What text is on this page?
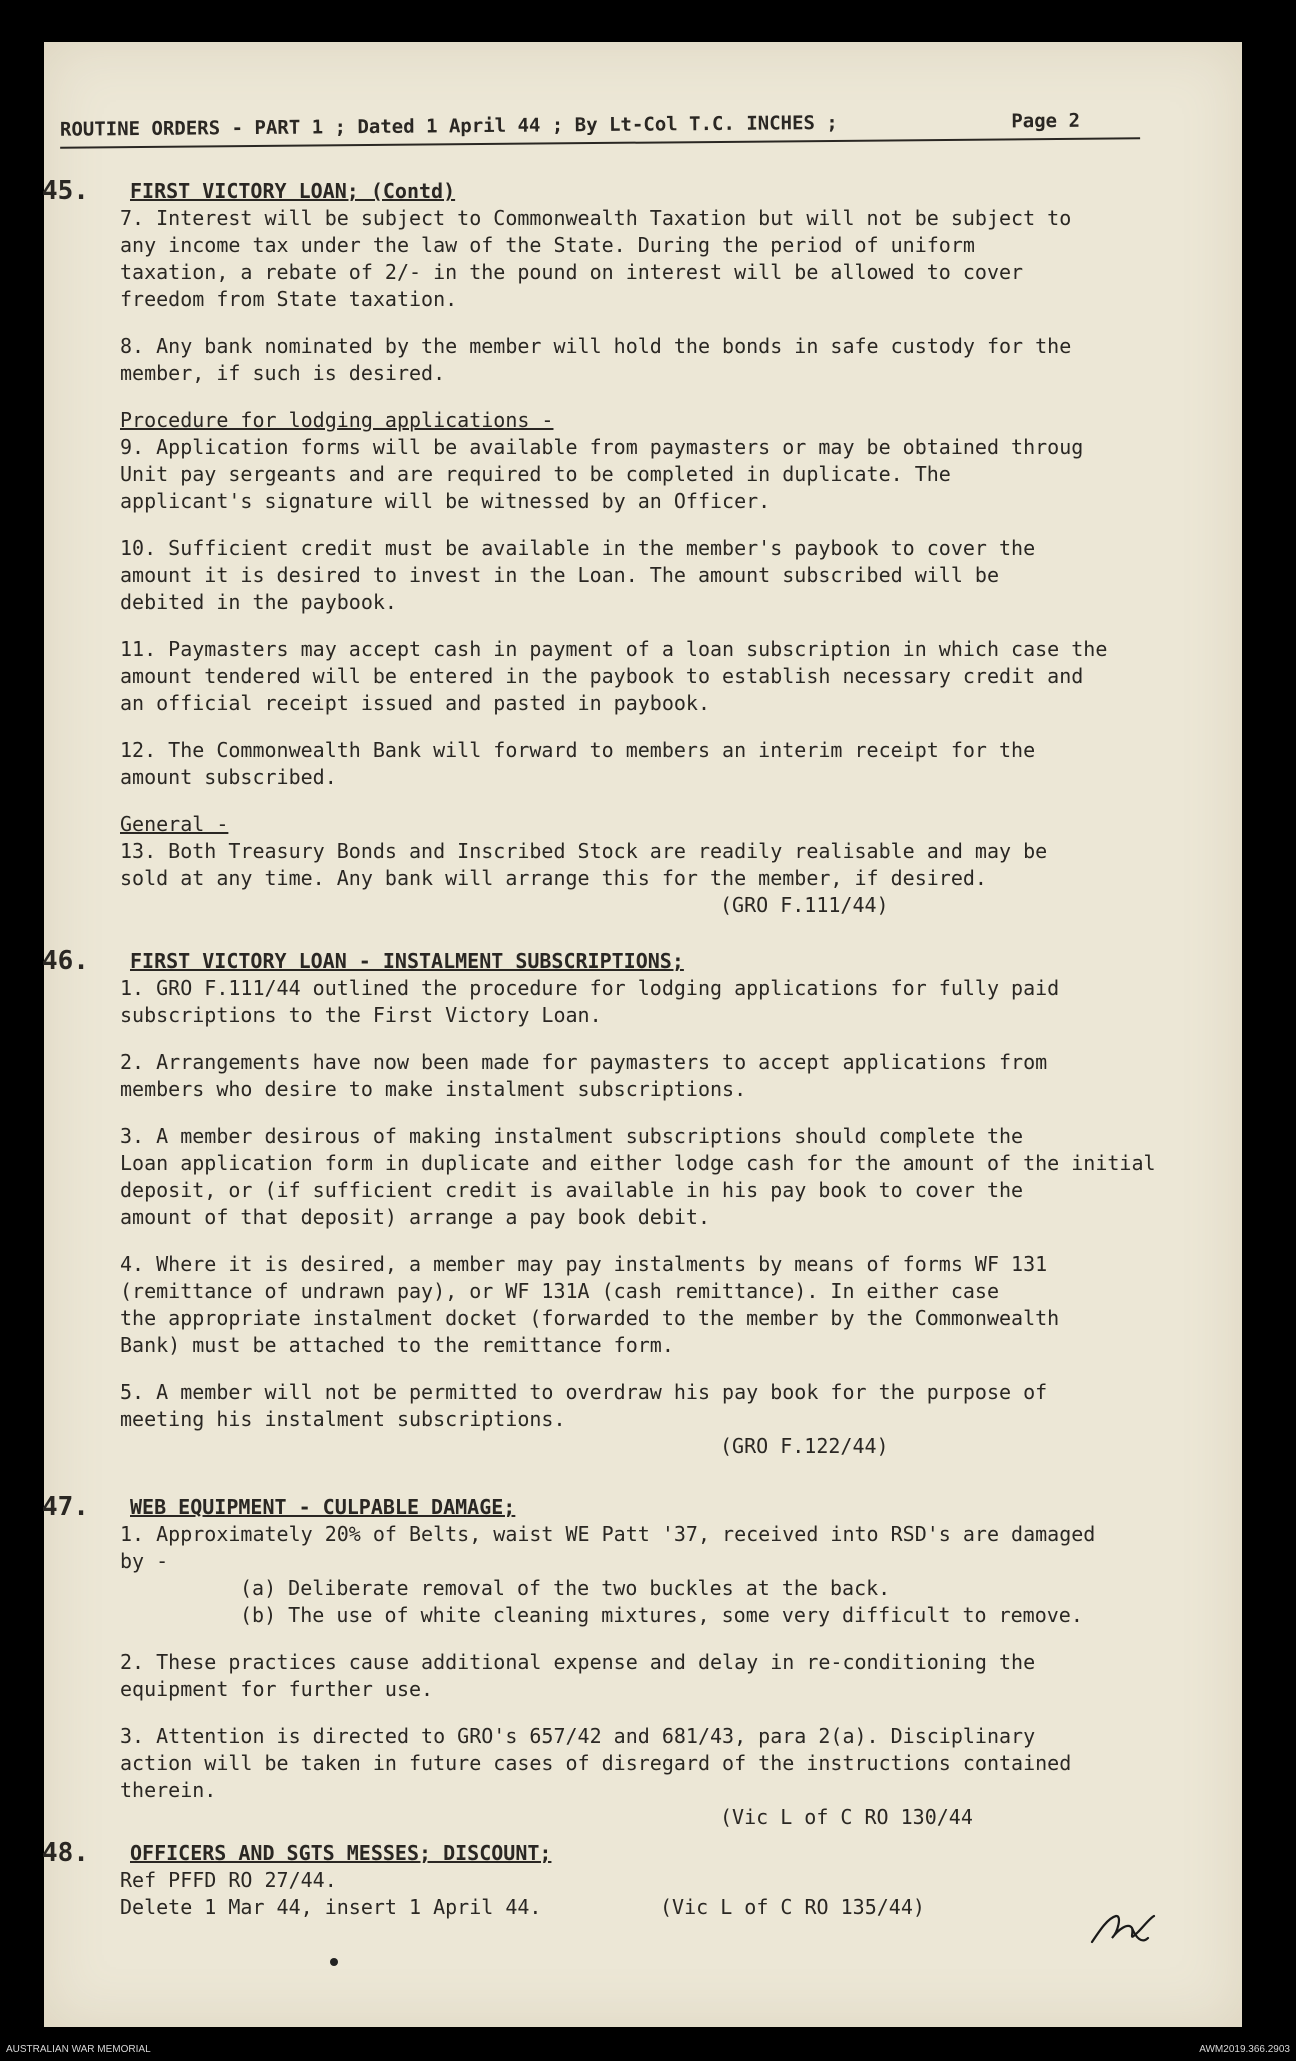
ROUTINE ORDERS - PART 1 ; Dated 1 April 44 ; By Lt-Col T.C. INCHES ;	Page 2
45. FIRST VICTORY LOAN; (Contd)
7. Interest will be subject to Commonwealth Taxation but will not be subject to
any income tax under the law of the State. During the period of uniform
taxation, a rebate of 2/- in the pound on interest will be allowed to cover
freedom from State taxation.
8. Any bank nominated by the member will hold the bonds in safe custody for the
member, if such is desired.
Procedure for lodging applications -
9. Application forms will be available from paymasters or may be obtained throug
Unit pay sergeants and are required to be completed in duplicate. The
applicant's signature will be witnessed by an Officer.
10. Sufficient credit must be available in the member's paybook to cover the
amount it is desired to invest in the Loan. The amount subscribed will be
debited in the paybook.
11. Paymasters may accept cash in payment of a loan subscription in which case the
amount tendered will be entered in the paybook to establish necessary credit and
an official receipt issued and pasted in paybook.
12. The Commonwealth Bank will forward to members an interim receipt for the
amount subscribed.
General -
13. Both Treasury Bonds and Inscribed Stock are readily realisable and may be
sold at any time. Any bank will arrange this for the member, if desired.
(GRO F.111/44)
46. FIRST VICTORY LOAN - INSTALMENT SUBSCRIPTIONS;
1. GRO F.111/44 outlined the procedure for lodging applications for fully paid
subscriptions to the First Victory Loan.
2. Arrangements have now been made for paymasters to accept applications from
members who desire to make instalment subscriptions.
3. A member desirous of making instalment subscriptions should complete the
Loan application form in duplicate and either lodge cash for the amount of the initial
deposit, or (if sufficient credit is available in his pay book to cover the
amount of that deposit) arrange a pay book debit.
4. Where it is desired, a member may pay instalments by means of forms WF 131
(remittance of undrawn pay), or WF 131A (cash remittance). In either case
the appropriate instalment docket (forwarded to the member by the Commonwealth
Bank) must be attached to the remittance form.
5. A member will not be permitted to overdraw his pay book for the purpose of
meeting his instalment subscriptions.
(GRO F.122/44)
47. WEB EQUIPMENT - CULPABLE DAMAGE;
1. Approximately 20% of Belts, waist WE Patt '37, received into RSD's are damaged
by -
(a) Deliberate removal of the two buckles at the back.
(b) The use of white cleaning mixtures, some very difficult to remove.
2. These practices cause additional expense and delay in re-conditioning the
equipment for further use.
3. Attention is directed to GRO's 657/42 and 681/43, para 2(a). Disciplinary
action will be taken in future cases of disregard of the instructions contained
therein.
(Vic L of C RO 130/44
48. OFFICERS AND SGTS MESSES; DISCOUNT;
Ref PFFD RO 27/44.
Delete 1 Mar 44, insert 1 April 44.	(Vic L of C RO 135/44)
AUSTRALIAN WAR MEMORIAL	AWM2019.366.2903
